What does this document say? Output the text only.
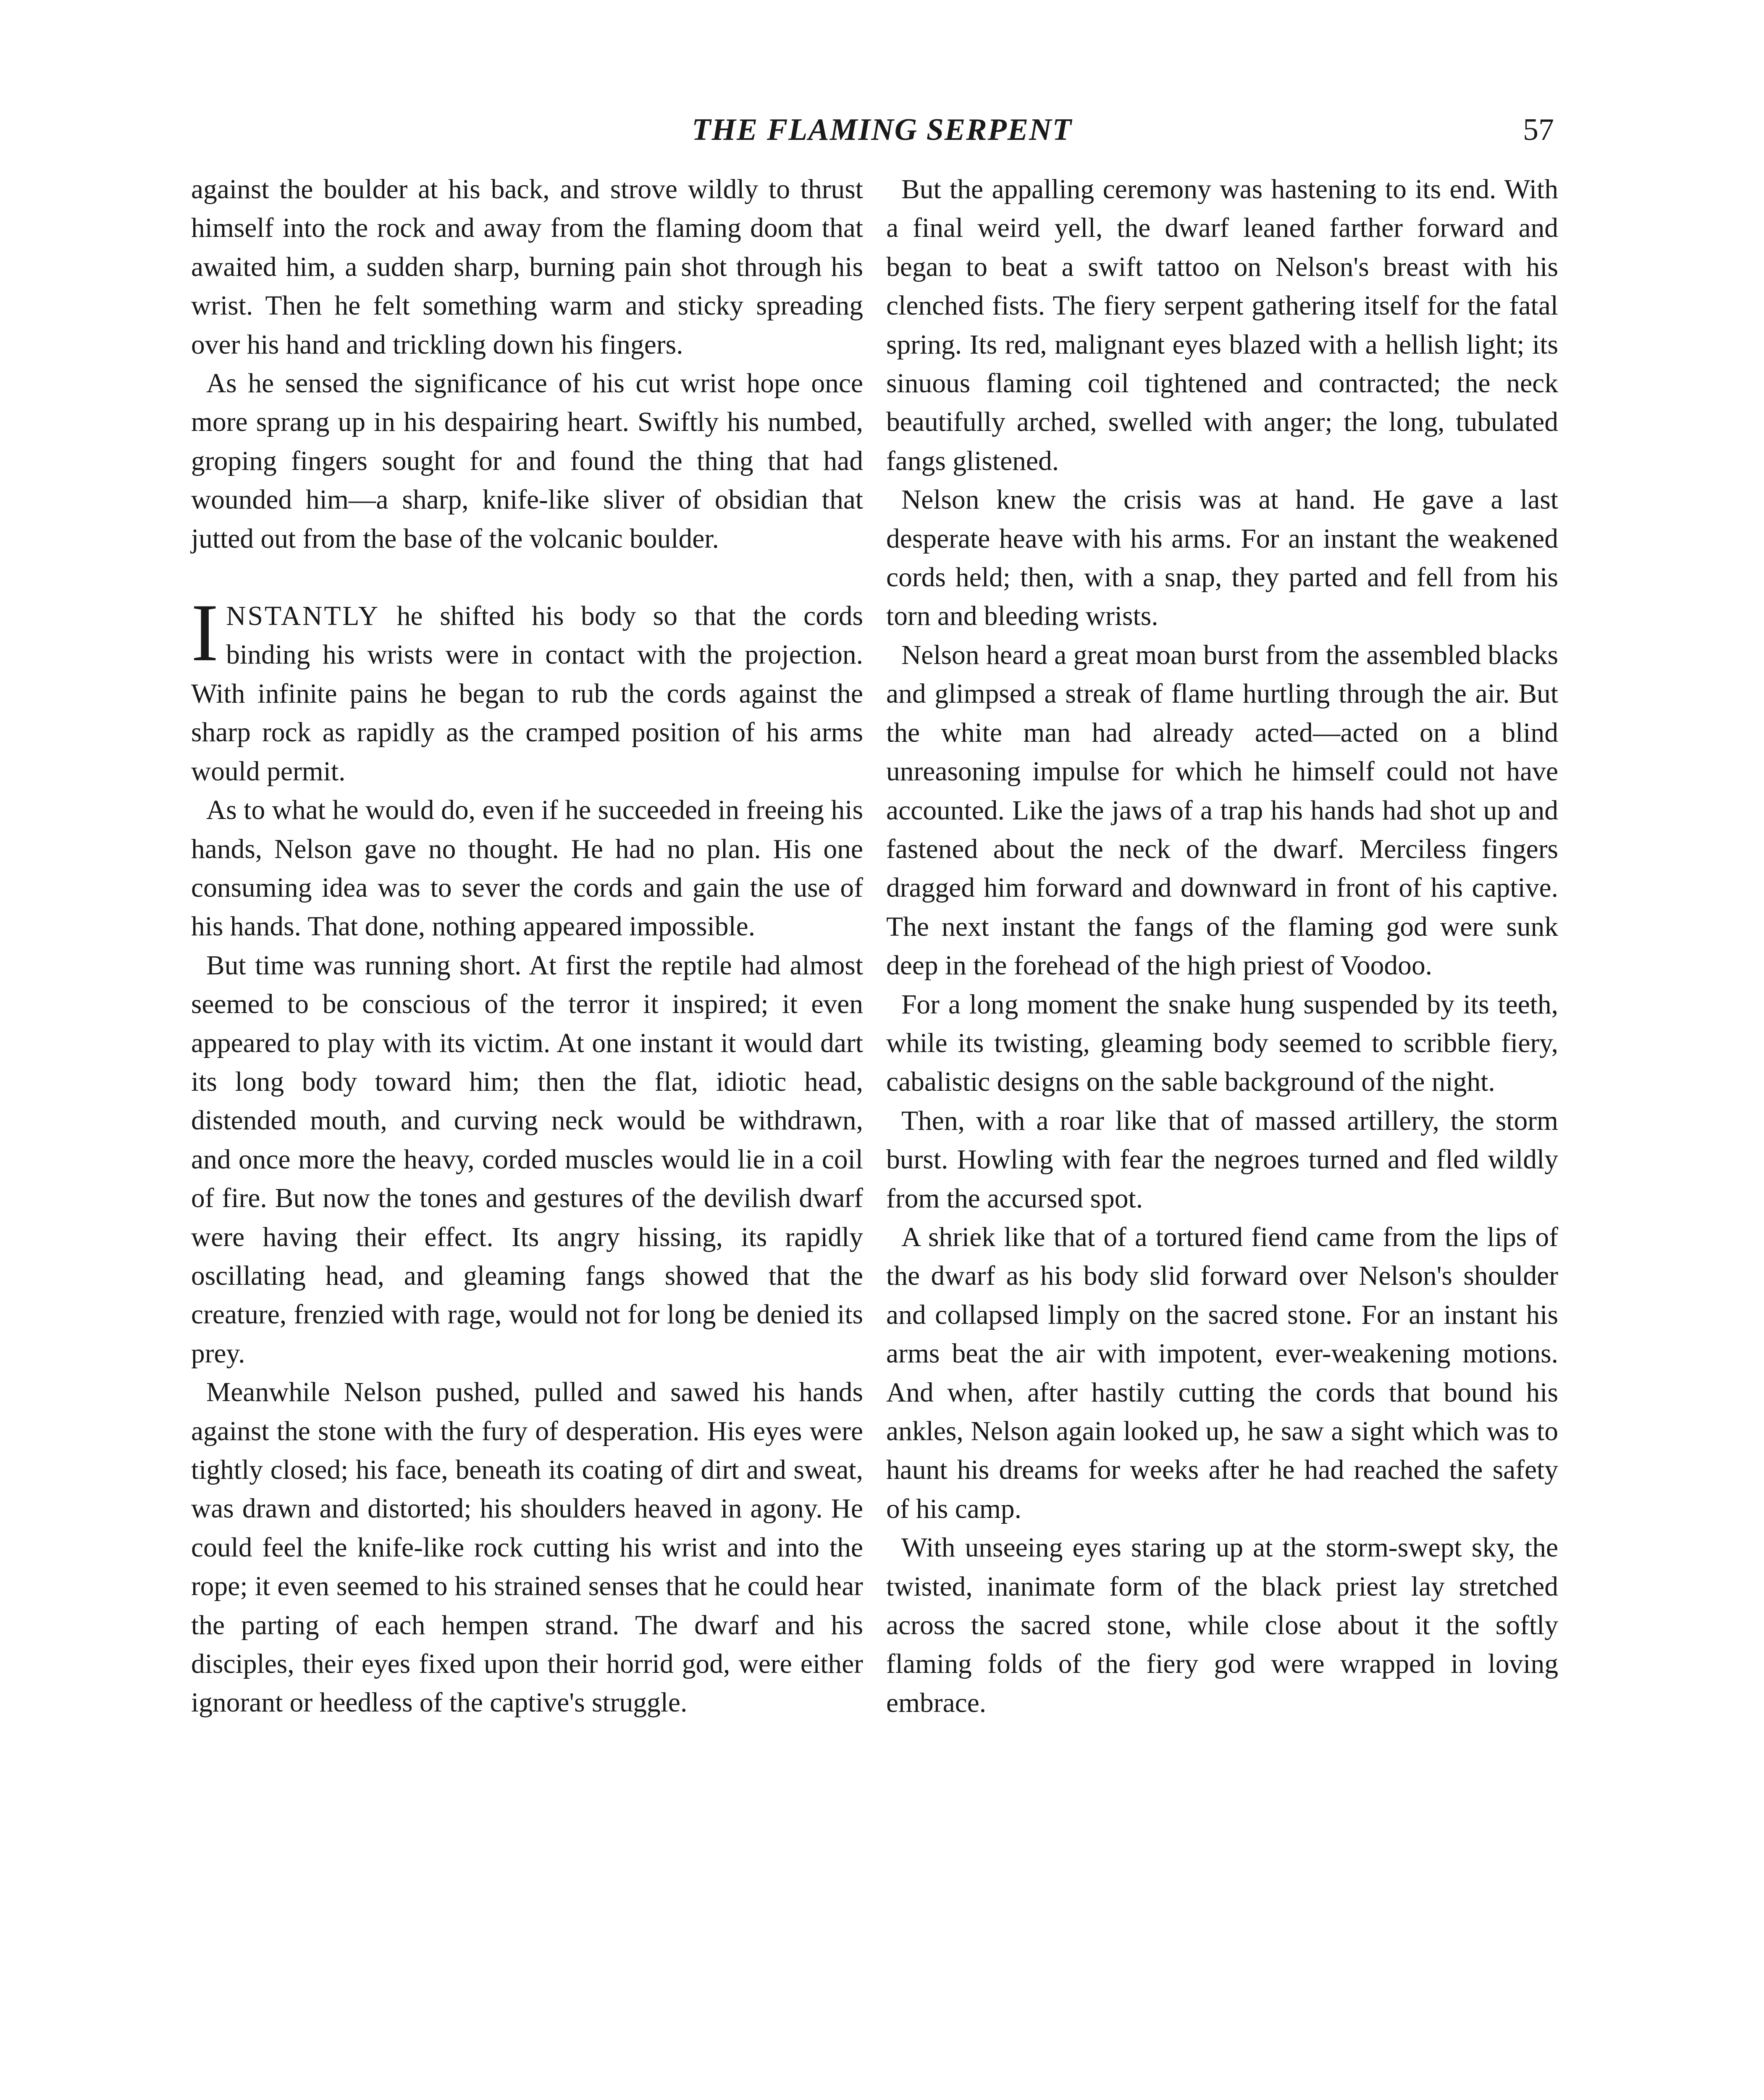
THE FLAMING SERPENT	57

against the boulder at his back, and strove wildly to thrust himself into the rock and away from the flaming doom that awaited him, a sudden sharp, burning pain shot through his wrist. Then he felt something warm and sticky spreading over his hand and trickling down his fingers.

As he sensed the significance of his cut wrist hope once more sprang up in his despairing heart. Swiftly his numbed, groping fingers sought for and found the thing that had wounded him—a sharp, knife-like sliver of obsidian that jutted out from the base of the volcanic boulder.

INSTANTLY he shifted his body so that the cords binding his wrists were in contact with the projection. With infinite pains he began to rub the cords against the sharp rock as rapidly as the cramped position of his arms would permit.

As to what he would do, even if he succeeded in freeing his hands, Nelson gave no thought. He had no plan. His one consuming idea was to sever the cords and gain the use of his hands. That done, nothing appeared impossible.

But time was running short. At first the reptile had almost seemed to be conscious of the terror it inspired; it even appeared to play with its victim. At one instant it would dart its long body toward him; then the flat, idiotic head, distended mouth, and curving neck would be withdrawn, and once more the heavy, corded muscles would lie in a coil of fire. But now the tones and gestures of the devilish dwarf were having their effect. Its angry hissing, its rapidly oscillating head, and gleaming fangs showed that the creature, frenzied with rage, would not for long be denied its prey.

Meanwhile Nelson pushed, pulled and sawed his hands against the stone with the fury of desperation. His eyes were tightly closed; his face, beneath its coating of dirt and sweat, was drawn and distorted; his shoulders heaved in agony. He could feel the knife-like rock cutting his wrist and into the rope; it even seemed to his strained senses that he could hear the parting of each hempen strand. The dwarf and his disciples, their eyes fixed upon their horrid god, were either ignorant or heedless of the captive's struggle.

But the appalling ceremony was hastening to its end. With a final weird yell, the dwarf leaned farther forward and began to beat a swift tattoo on Nelson's breast with his clenched fists. The fiery serpent gathering itself for the fatal spring. Its red, malignant eyes blazed with a hellish light; its sinuous flaming coil tightened and contracted; the neck beautifully arched, swelled with anger; the long, tubulated fangs glistened.

Nelson knew the crisis was at hand. He gave a last desperate heave with his arms. For an instant the weakened cords held; then, with a snap, they parted and fell from his torn and bleeding wrists.

Nelson heard a great moan burst from the assembled blacks and glimpsed a streak of flame hurtling through the air. But the white man had already acted—acted on a blind unreasoning impulse for which he himself could not have accounted. Like the jaws of a trap his hands had shot up and fastened about the neck of the dwarf. Merciless fingers dragged him forward and downward in front of his captive. The next instant the fangs of the flaming god were sunk deep in the forehead of the high priest of Voodoo.

For a long moment the snake hung suspended by its teeth, while its twisting, gleaming body seemed to scribble fiery, cabalistic designs on the sable background of the night.

Then, with a roar like that of massed artillery, the storm burst. Howling with fear the negroes turned and fled wildly from the accursed spot.

A shriek like that of a tortured fiend came from the lips of the dwarf as his body slid forward over Nelson's shoulder and collapsed limply on the sacred stone. For an instant his arms beat the air with impotent, ever-weakening motions. And when, after hastily cutting the cords that bound his ankles, Nelson again looked up, he saw a sight which was to haunt his dreams for weeks after he had reached the safety of his camp.

With unseeing eyes staring up at the storm-swept sky, the twisted, inanimate form of the black priest lay stretched across the sacred stone, while close about it the softly flaming folds of the fiery god were wrapped in loving embrace.
